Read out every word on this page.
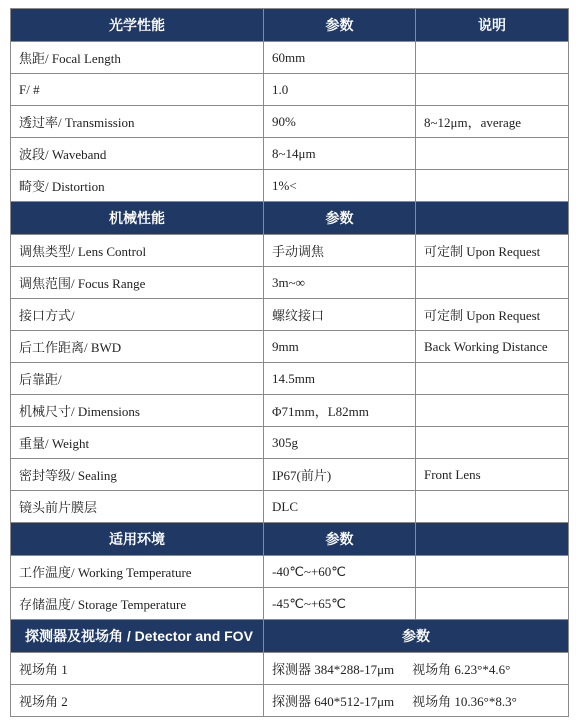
光学性能	参数	说明
焦距/ Focal Length	60mm	
F/ #	1.0	
透过率/ Transmission	90%	8~12μm，average
波段/ Waveband	8~14μm	
畸变/ Distortion	1%<	
机械性能	参数	
调焦类型/ Lens Control	手动调焦	可定制 Upon Request
调焦范围/ Focus Range	3m~∞	
接口方式/	螺纹接口	可定制 Upon Request
后工作距离/ BWD	9mm	Back Working Distance
后靠距/	14.5mm	
机械尺寸/ Dimensions	Φ71mm，L82mm	
重量/ Weight	305g	
密封等级/ Sealing	IP67(前片)	Front Lens
镜头前片膜层	DLC	
适用环境	参数	
工作温度/ Working Temperature	-40℃~+60℃	
存储温度/ Storage Temperature	-45℃~+65℃	
探测器及视场角 / Detector and FOV	参数	
视场角 1	探测器 384*288-17μm 视场角 6.23°*4.6°	
视场角 2	探测器 640*512-17μm 视场角 10.36°*8.3°	
